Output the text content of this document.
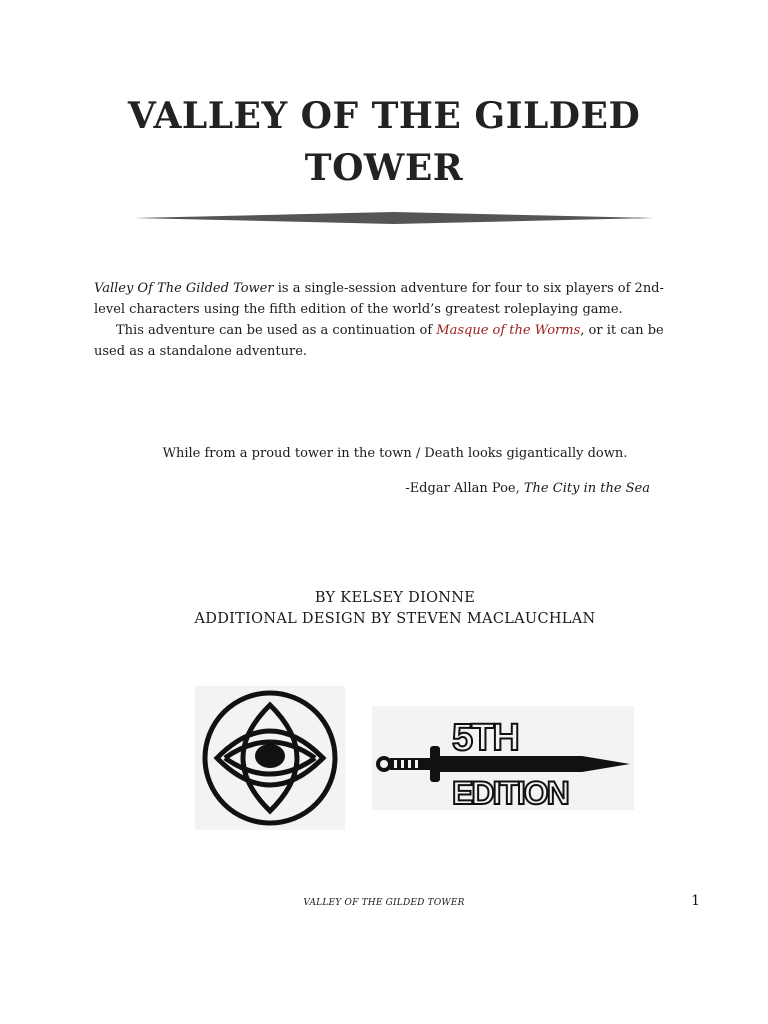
VALLEY OF THE GILDED
TOWER

Valley Of The Gilded Tower is a single-session adventure for four to six players of 2nd-level characters using the fifth edition of the world’s greatest roleplaying game.

This adventure can be used as a continuation of Masque of the Worms, or it can be used as a standalone adventure.

While from a proud tower in the town / Death looks gigantically down.

-Edgar Allan Poe, The City in the Sea

BY KELSEY DIONNE
ADDITIONAL DESIGN BY STEVEN MACLAUCHLAN
5TH
EDITION

VALLEY OF THE GILDED TOWER	1
